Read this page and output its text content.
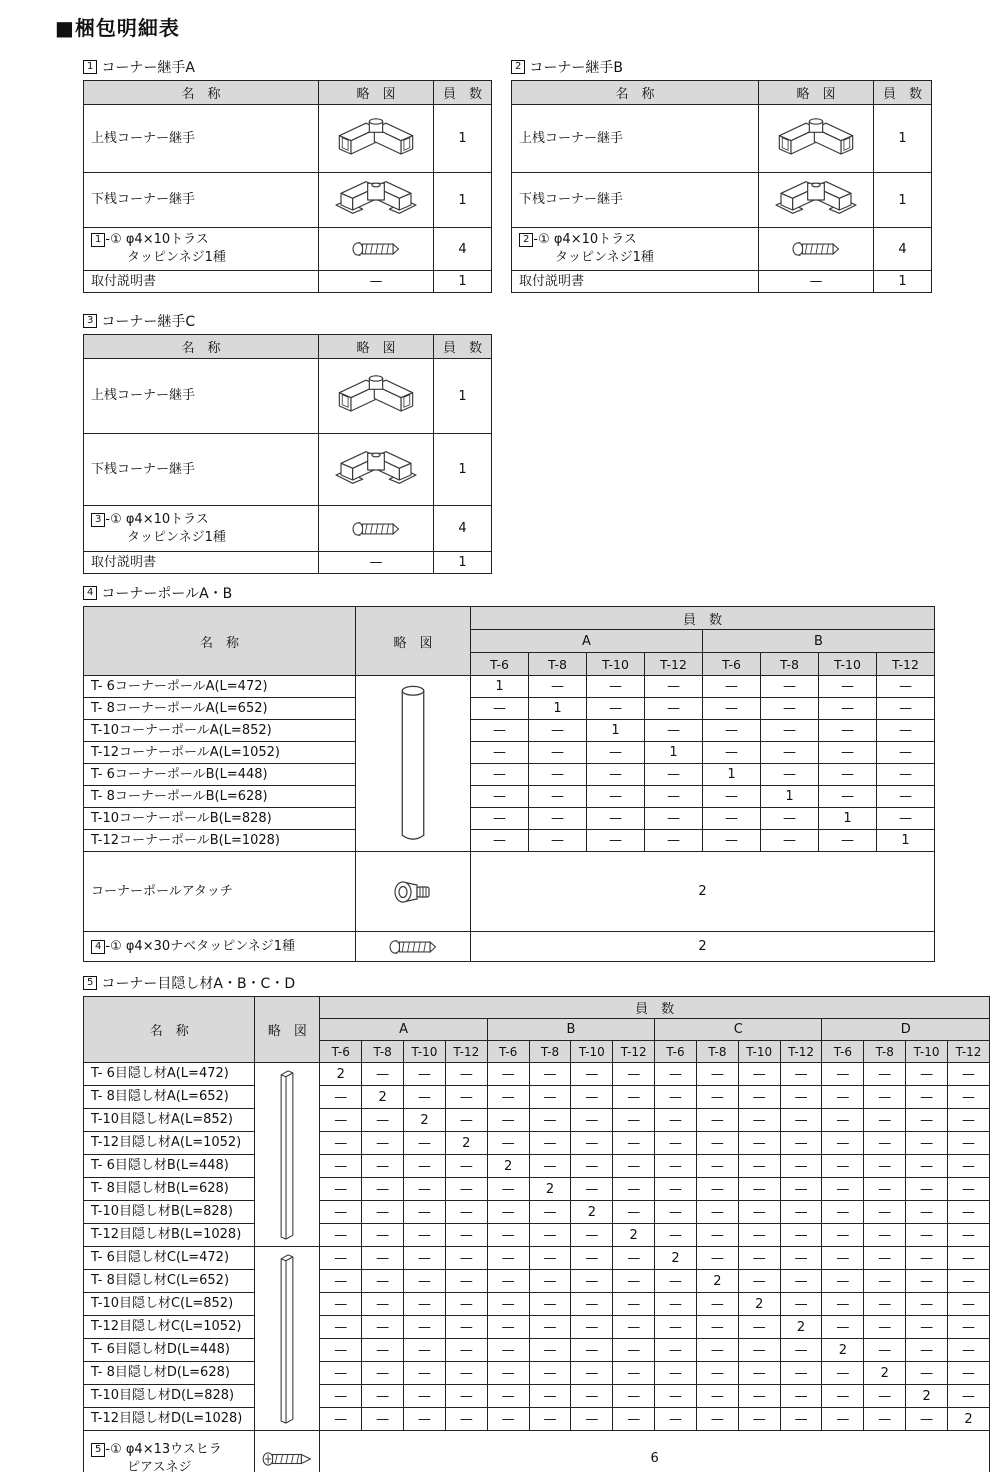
■梱包明細表
1 コーナー継手A
名　称	略　図	員　数
上桟コーナー継手		1
下桟コーナー継手		1

1 -① φ4×10トラス
タッピンネジ1種		4
取付説明書	—	1
2 コーナー継手B
名　称	略　図	員　数
上桟コーナー継手		1
下桟コーナー継手		1

2 -① φ4×10トラス
タッピンネジ1種		4
取付説明書	—	1
3 コーナー継手C
名　称	略　図	員　数
上桟コーナー継手		1
下桟コーナー継手		1

3 -① φ4×10トラス
タッピンネジ1種		4
取付説明書	—	1
4 コーナーポールA・B
名　称	略　図	員　数							
		A				B			
		T-6	T-8	T-10	T-12	T-6	T-8	T-10	T-12
T- 6コーナーポールA(L=472)		1	—	—	—	—	—	—	—
T- 8コーナーポールA(L=652)		—	1	—	—	—	—	—	—
T-10コーナーポールA(L=852)		—	—	1	—	—	—	—	—
T-12コーナーポールA(L=1052)		—	—	—	1	—	—	—	—
T- 6コーナーポールB(L=448)		—	—	—	—	1	—	—	—
T- 8コーナーポールB(L=628)		—	—	—	—	—	1	—	—
T-10コーナーポールB(L=828)		—	—	—	—	—	—	1	—
T-12コーナーポールB(L=1028)		—	—	—	—	—	—	—	1
コーナーポールアタッチ		2							

4 -① φ4×30ナベタッピンネジ1種		2							
5 コーナー目隠し材A・B・C・D
名　称	略　図	員　数															
		A				B				C				D			
		T-6	T-8	T-10	T-12	T-6	T-8	T-10	T-12	T-6	T-8	T-10	T-12	T-6	T-8	T-10	T-12
T- 6目隠し材A(L=472)		2	—	—	—	—	—	—	—	—	—	—	—	—	—	—	—
T- 8目隠し材A(L=652)		—	2	—	—	—	—	—	—	—	—	—	—	—	—	—	—
T-10目隠し材A(L=852)		—	—	2	—	—	—	—	—	—	—	—	—	—	—	—	—
T-12目隠し材A(L=1052)		—	—	—	2	—	—	—	—	—	—	—	—	—	—	—	—
T- 6目隠し材B(L=448)		—	—	—	—	2	—	—	—	—	—	—	—	—	—	—	—
T- 8目隠し材B(L=628)		—	—	—	—	—	2	—	—	—	—	—	—	—	—	—	—
T-10目隠し材B(L=828)		—	—	—	—	—	—	2	—	—	—	—	—	—	—	—	—
T-12目隠し材B(L=1028)		—	—	—	—	—	—	—	2	—	—	—	—	—	—	—	—
T- 6目隠し材C(L=472)		—	—	—	—	—	—	—	—	2	—	—	—	—	—	—	—
T- 8目隠し材C(L=652)		—	—	—	—	—	—	—	—	—	2	—	—	—	—	—	—
T-10目隠し材C(L=852)		—	—	—	—	—	—	—	—	—	—	2	—	—	—	—	—
T-12目隠し材C(L=1052)		—	—	—	—	—	—	—	—	—	—	—	2	—	—	—	—
T- 6目隠し材D(L=448)		—	—	—	—	—	—	—	—	—	—	—	—	2	—	—	—
T- 8目隠し材D(L=628)		—	—	—	—	—	—	—	—	—	—	—	—	—	2	—	—
T-10目隠し材D(L=828)		—	—	—	—	—	—	—	—	—	—	—	—	—	—	2	—
T-12目隠し材D(L=1028)		—	—	—	—	—	—	—	—	—	—	—	—	—	—	—	2

5 -① φ4×13ウスヒラ
ピアスネジ		6															
